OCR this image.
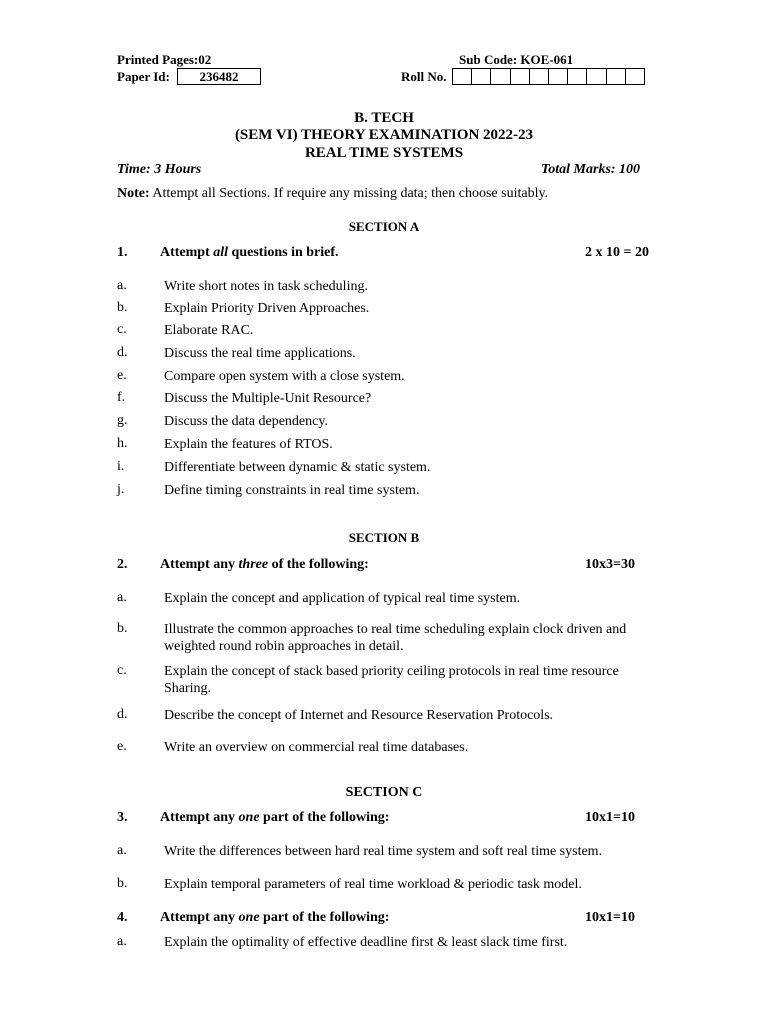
Printed Pages:02	Sub Code: KOE-061
Paper Id:	236482	Roll No.
B. TECH
(SEM VI) THEORY EXAMINATION 2022-23
REAL TIME SYSTEMS
Time: 3 Hours	Total Marks: 100
Note: Attempt all Sections. If require any missing data; then choose suitably.
SECTION A
1. Attempt all questions in brief.	2 x 10 = 20
a.	Write short notes in task scheduling.
b.	Explain Priority Driven Approaches.
c.	Elaborate RAC.
d.	Discuss the real time applications.
e.	Compare open system with a close system.
f.	Discuss the Multiple-Unit Resource?
g.	Discuss the data dependency.
h.	Explain the features of RTOS.
i.	Differentiate between dynamic & static system.
j.	Define timing constraints in real time system.
SECTION B
2. Attempt any three of the following:	10x3=30
a.	Explain the concept and application of typical real time system.
b.	Illustrate the common approaches to real time scheduling explain clock driven and weighted round robin approaches in detail.
c.	Explain the concept of stack based priority ceiling protocols in real time resource Sharing.
d.	Describe the concept of Internet and Resource Reservation Protocols.
e.	Write an overview on commercial real time databases.
SECTION C
3. Attempt any one part of the following:	10x1=10
a.	Write the differences between hard real time system and soft real time system.
b.	Explain temporal parameters of real time workload & periodic task model.
4. Attempt any one part of the following:	10x1=10
a.	Explain the optimality of effective deadline first & least slack time first.
